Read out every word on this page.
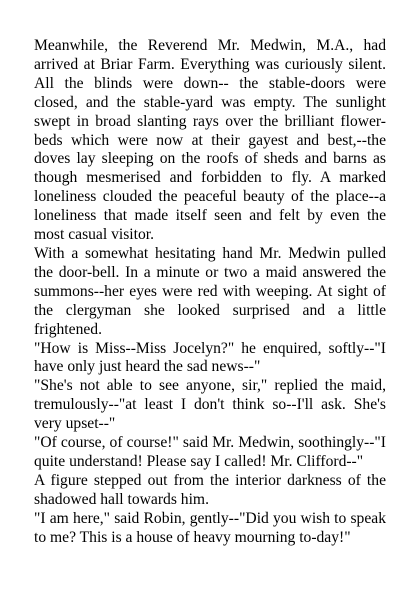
Meanwhile, the Reverend Mr. Medwin, M.A., had arrived at Briar Farm. Everything was curiously silent. All the blinds were down-- the stable-doors were closed, and the stable-yard was empty. The sunlight swept in broad slanting rays over the brilliant flower-beds which were now at their gayest and best,--the doves lay sleeping on the roofs of sheds and barns as though mesmerised and forbidden to fly. A marked loneliness clouded the peaceful beauty of the place--a loneliness that made itself seen and felt by even the most casual visitor.

With a somewhat hesitating hand Mr. Medwin pulled the door-bell. In a minute or two a maid answered the summons--her eyes were red with weeping. At sight of the clergyman she looked surprised and a little frightened.

"How is Miss--Miss Jocelyn?" he enquired, softly--"I have only just heard the sad news--"

"She's not able to see anyone, sir," replied the maid, tremulously--"at least I don't think so--I'll ask. She's very upset--"

"Of course, of course!" said Mr. Medwin, soothingly--"I quite understand! Please say I called! Mr. Clifford--"

A figure stepped out from the interior darkness of the shadowed hall towards him.

"I am here," said Robin, gently--"Did you wish to speak to me? This is a house of heavy mourning to-day!"
